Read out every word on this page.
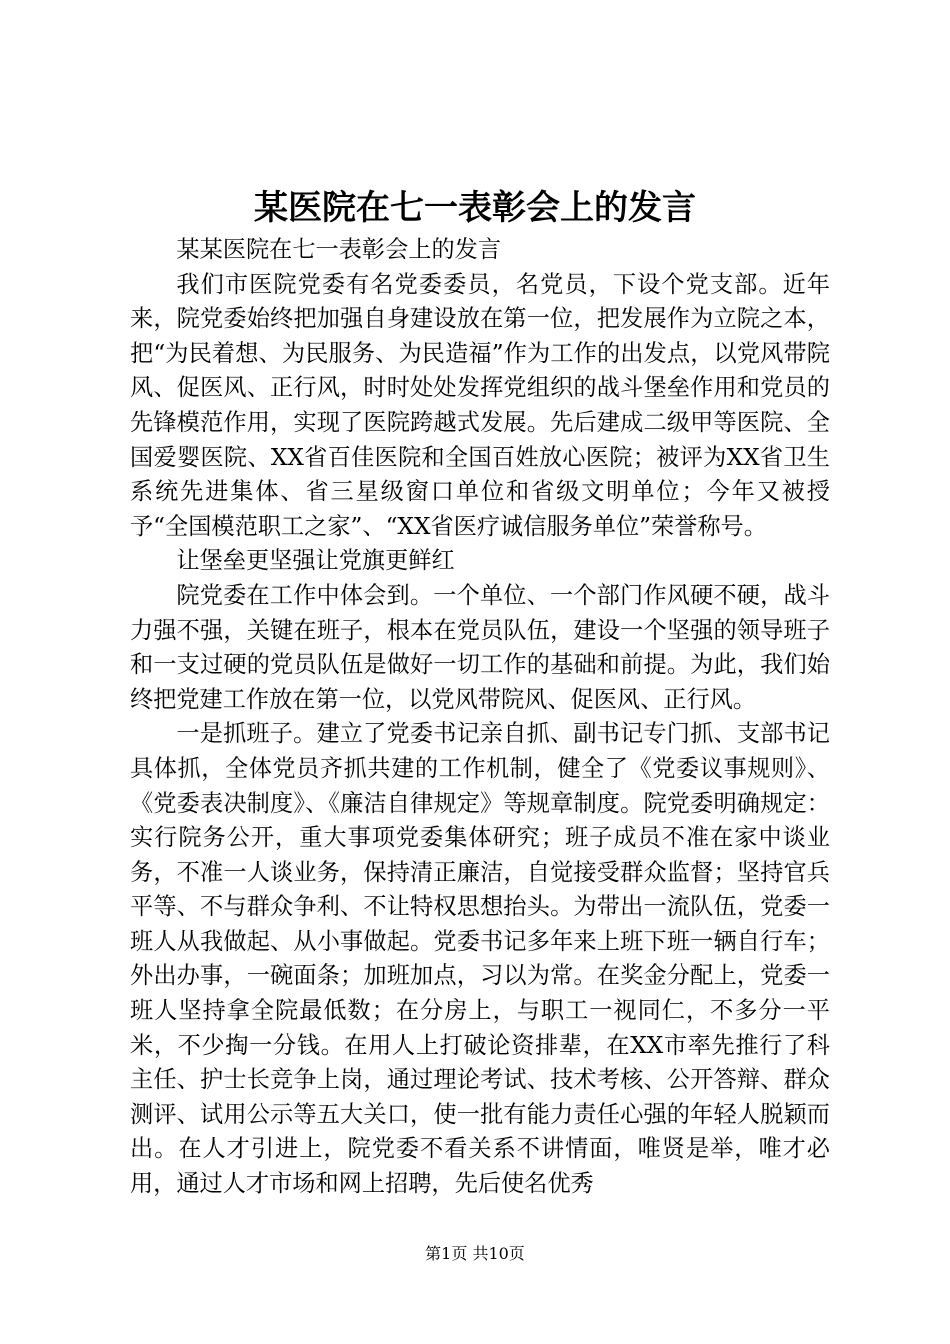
某医院在七一表彰会上的发言

某某医院在七一表彰会上的发言

我们市医院党委有名党委委员，名党员，下设个党支部。近年来，院党委始终把加强自身建设放在第一位，把发展作为立院之本，把“为民着想、为民服务、为民造福”作为工作的出发点，以党风带院风、促医风、正行风，时时处处发挥党组织的战斗堡垒作用和党员的先锋模范作用，实现了医院跨越式发展。先后建成二级甲等医院、全国爱婴医院、XX省百佳医院和全国百姓放心医院；被评为XX省卫生系统先进集体、省三星级窗口单位和省级文明单位；今年又被授予“全国模范职工之家”、“XX省医疗诚信服务单位”荣誉称号。

让堡垒更坚强让党旗更鲜红

院党委在工作中体会到。一个单位、一个部门作风硬不硬，战斗力强不强，关键在班子，根本在党员队伍，建设一个坚强的领导班子和一支过硬的党员队伍是做好一切工作的基础和前提。为此，我们始终把党建工作放在第一位，以党风带院风、促医风、正行风。

一是抓班子。建立了党委书记亲自抓、副书记专门抓、支部书记具体抓，全体党员齐抓共建的工作机制，健全了《党委议事规则》、《党委表决制度》、《廉洁自律规定》等规章制度。院党委明确规定：实行院务公开，重大事项党委集体研究；班子成员不准在家中谈业务，不准一人谈业务，保持清正廉洁，自觉接受群众监督；坚持官兵平等、不与群众争利、不让特权思想抬头。为带出一流队伍，党委一班人从我做起、从小事做起。党委书记多年来上班下班一辆自行车；外出办事，一碗面条；加班加点，习以为常。在奖金分配上，党委一班人坚持拿全院最低数；在分房上，与职工一视同仁，不多分一平米，不少掏一分钱。在用人上打破论资排辈，在XX市率先推行了科主任、护士长竞争上岗，通过理论考试、技术考核、公开答辩、群众测评、试用公示等五大关口，使一批有能力责任心强的年轻人脱颖而出。在人才引进上，院党委不看关系不讲情面，唯贤是举，唯才必用，通过人才市场和网上招聘，先后使名优秀

第1页 共10页
